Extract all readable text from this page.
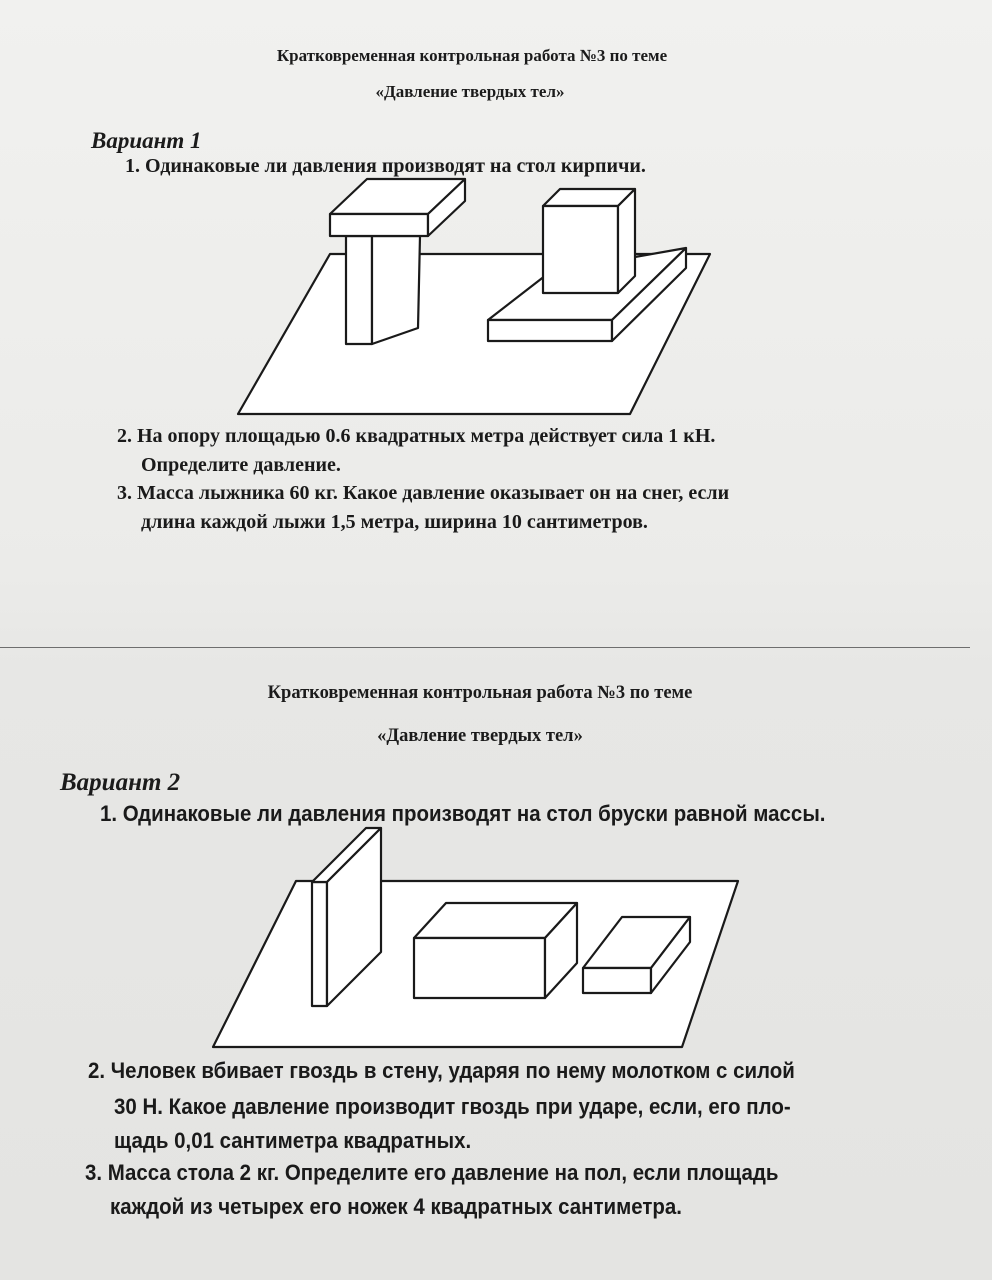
Кратковременная контрольная работа №3 по теме

«Давление твердых тел»

Вариант 1

1. Одинаковые ли давления производят на стол кирпичи.

2. На опору площадью 0.6 квадратных метра действует сила 1 кН.

Определите давление.

3. Масса лыжника 60 кг. Какое давление оказывает он на снег, если

длина каждой лыжи 1,5 метра, ширина 10 сантиметров.

Кратковременная контрольная работа №3 по теме

«Давление твердых тел»

Вариант 2

1. Одинаковые ли давления производят на стол бруски равной массы.

2. Человек вбивает гвоздь в стену, ударяя по нему молотком с силой

30 Н. Какое давление производит гвоздь при ударе, если, его пло-

щадь 0,01 сантиметра квадратных.

3. Масса стола 2 кг. Определите его давление на пол, если площадь

каждой из четырех его ножек 4 квадратных сантиметра.
